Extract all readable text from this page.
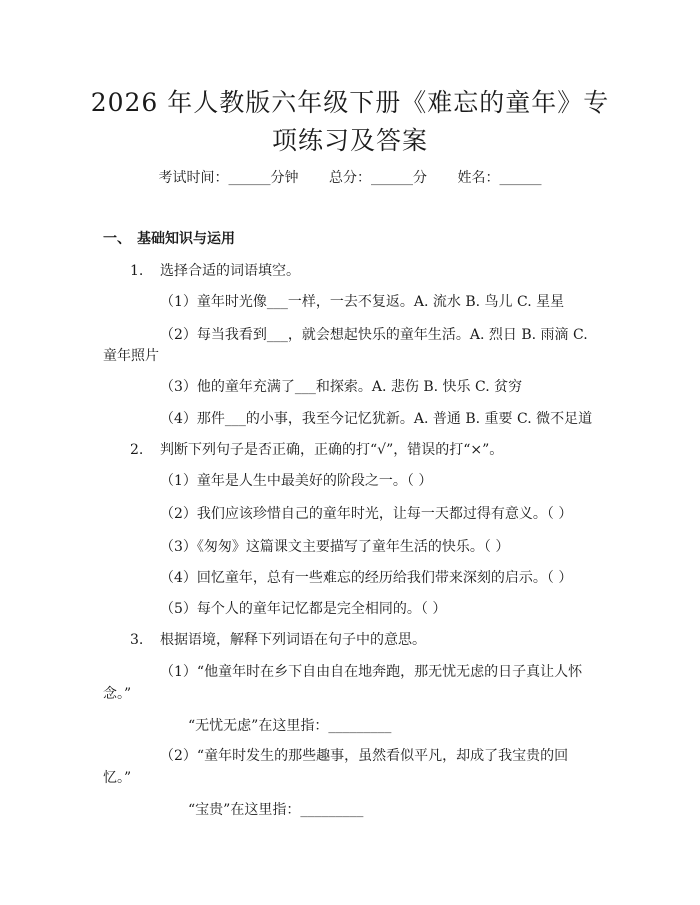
2026 年人教版六年级下册《难忘的童年》专
项练习及答案
考试时间：______分钟 总分：______分 姓名：______
一、 基础知识与运用
1. 选择合适的词语填空。
（1）童年时光像___一样，一去不复返。A. 流水 B. 鸟儿 C. 星星
（2）每当我看到___，就会想起快乐的童年生活。A. 烈日 B. 雨滴 C.
童年照片
（3）他的童年充满了___和探索。A. 悲伤 B. 快乐 C. 贫穷
（4）那件___的小事，我至今记忆犹新。A. 普通 B. 重要 C. 微不足道
2. 判断下列句子是否正确，正确的打“√”，错误的打“×”。
（1）童年是人生中最美好的阶段之一。（ ）
（2）我们应该珍惜自己的童年时光，让每一天都过得有意义。（ ）
（3）《匆匆》这篇课文主要描写了童年生活的快乐。（ ）
（4）回忆童年，总有一些难忘的经历给我们带来深刻的启示。（ ）
（5）每个人的童年记忆都是完全相同的。（ ）
3. 根据语境，解释下列词语在句子中的意思。
（1）“他童年时在乡下自由自在地奔跑，那无忧无虑的日子真让人怀
念。”
“无忧无虑”在这里指：_________
（2）“童年时发生的那些趣事，虽然看似平凡，却成了我宝贵的回
忆。”
“宝贵”在这里指：_________
